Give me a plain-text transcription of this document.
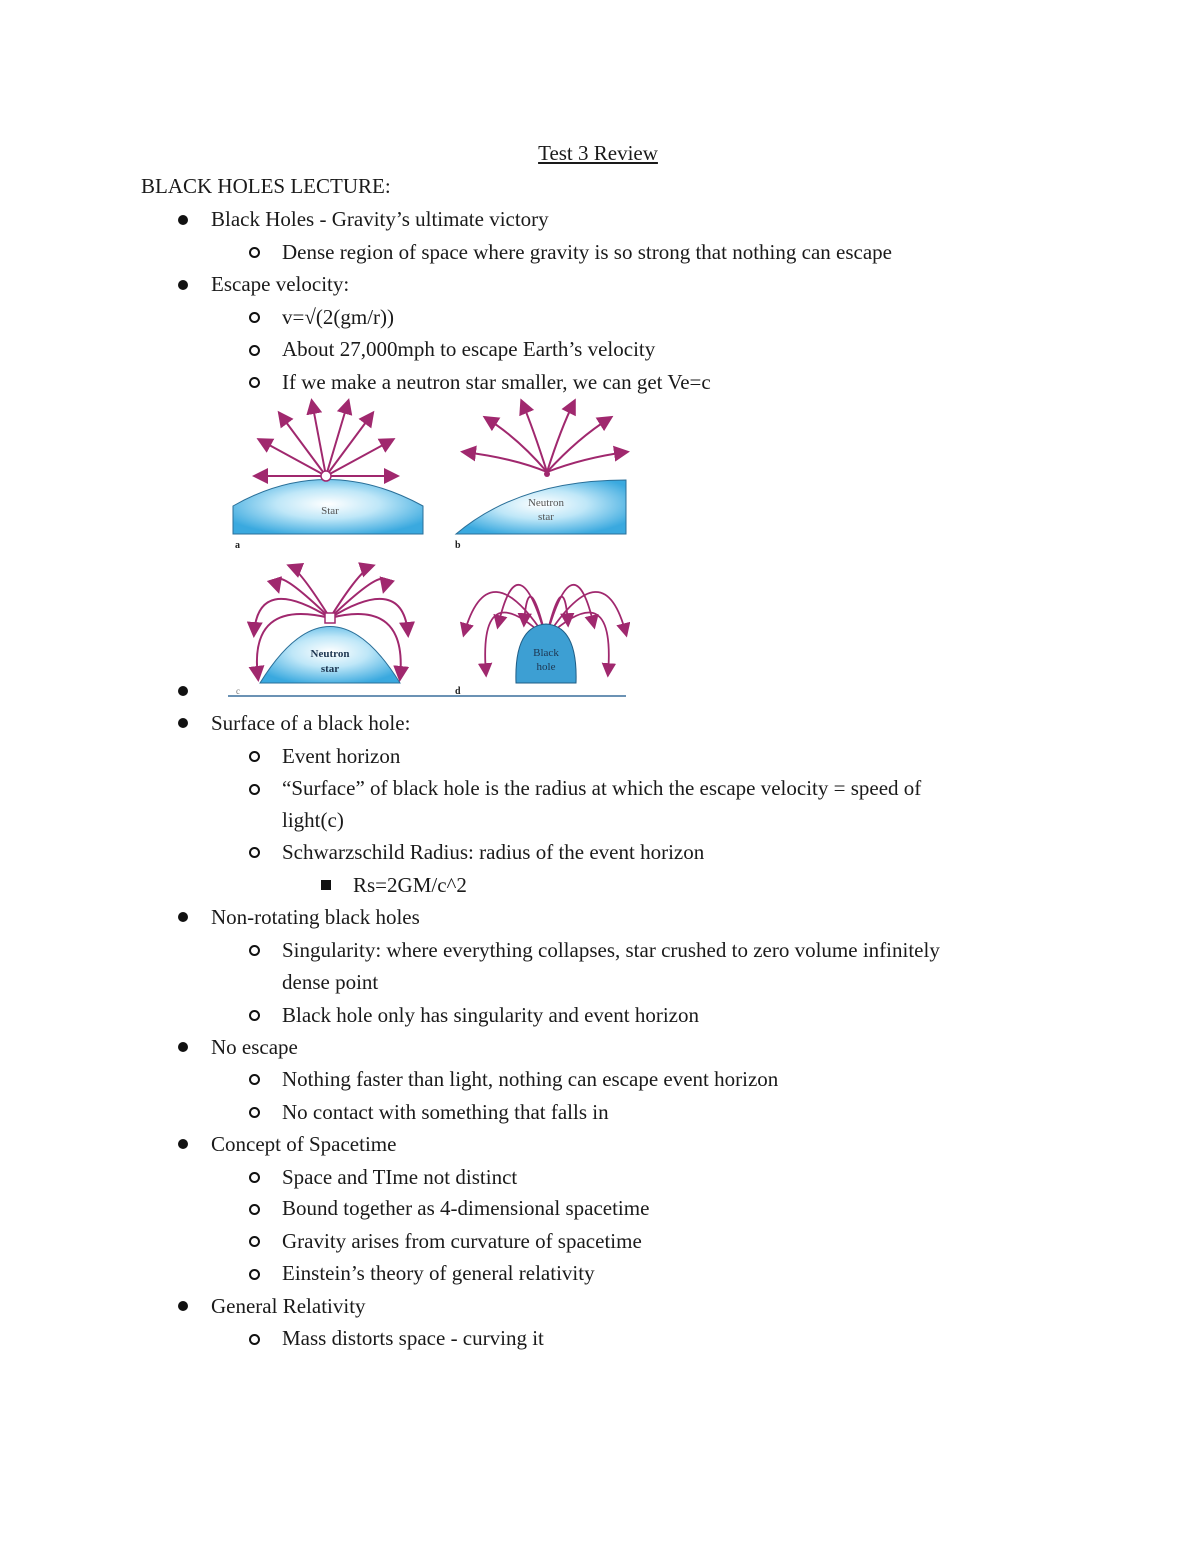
Test 3 Review
BLACK HOLES LECTURE:
Black Holes - Gravity’s ultimate victory
Dense region of space where gravity is so strong that nothing can escape
Escape velocity:
v=√(2(gm/r))
About 27,000mph to escape Earth’s velocity
If we make a neutron star smaller, we can get Ve=c
Star
a
Neutron
star
b
Neutron
star
c
Black
hole
d
Surface of a black hole:
Event horizon
“Surface” of black hole is the radius at which the escape velocity = speed of
light(c)
Schwarzschild Radius: radius of the event horizon
Rs=2GM/c^2
Non-rotating black holes
Singularity: where everything collapses, star crushed to zero volume infinitely
dense point
Black hole only has singularity and event horizon
No escape
Nothing faster than light, nothing can escape event horizon
No contact with something that falls in
Concept of Spacetime
Space and TIme not distinct
Bound together as 4-dimensional spacetime
Gravity arises from curvature of spacetime
Einstein’s theory of general relativity
General Relativity
Mass distorts space - curving it
